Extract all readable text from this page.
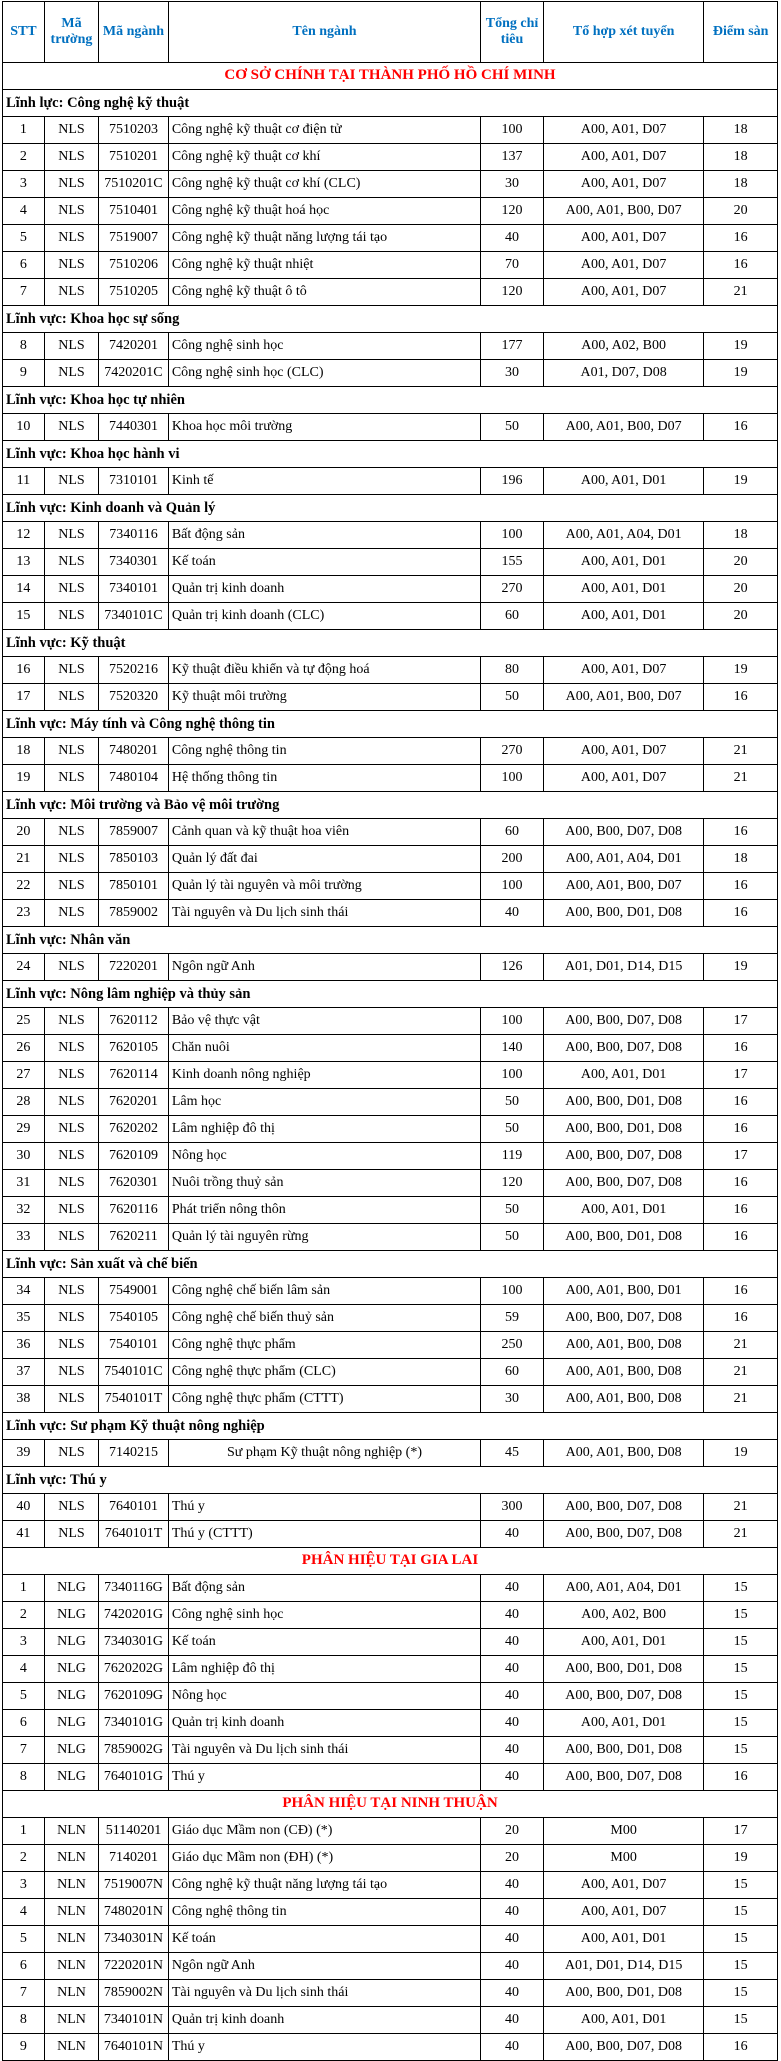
STT	Mã trường	Mã ngành	Tên ngành	Tổng chỉ tiêu	Tổ hợp xét tuyển	Điểm sàn
CƠ SỞ CHÍNH TẠI THÀNH PHỐ HỒ CHÍ MINH						
Lĩnh lực: Công nghệ kỹ thuật						
1	NLS	7510203	Công nghệ kỹ thuật cơ điện tử	100	A00, A01, D07	18
2	NLS	7510201	Công nghệ kỹ thuật cơ khí	137	A00, A01, D07	18
3	NLS	7510201C	Công nghệ kỹ thuật cơ khí (CLC)	30	A00, A01, D07	18
4	NLS	7510401	Công nghệ kỹ thuật hoá học	120	A00, A01, B00, D07	20
5	NLS	7519007	Công nghệ kỹ thuật năng lượng tái tạo	40	A00, A01, D07	16
6	NLS	7510206	Công nghệ kỹ thuật nhiệt	70	A00, A01, D07	16
7	NLS	7510205	Công nghệ kỹ thuật ô tô	120	A00, A01, D07	21
Lĩnh vực: Khoa học sự sống						
8	NLS	7420201	Công nghệ sinh học	177	A00, A02, B00	19
9	NLS	7420201C	Công nghệ sinh học (CLC)	30	A01, D07, D08	19
Lĩnh vực: Khoa học tự nhiên						
10	NLS	7440301	Khoa học môi trường	50	A00, A01, B00, D07	16
Lĩnh vực: Khoa học hành vi						
11	NLS	7310101	Kinh tế	196	A00, A01, D01	19
Lĩnh vực: Kinh doanh và Quản lý						
12	NLS	7340116	Bất động sản	100	A00, A01, A04, D01	18
13	NLS	7340301	Kế toán	155	A00, A01, D01	20
14	NLS	7340101	Quản trị kinh doanh	270	A00, A01, D01	20
15	NLS	7340101C	Quản trị kinh doanh (CLC)	60	A00, A01, D01	20
Lĩnh vực: Kỹ thuật						
16	NLS	7520216	Kỹ thuật điều khiển và tự động hoá	80	A00, A01, D07	19
17	NLS	7520320	Kỹ thuật môi trường	50	A00, A01, B00, D07	16
Lĩnh vực: Máy tính và Công nghệ thông tin						
18	NLS	7480201	Công nghệ thông tin	270	A00, A01, D07	21
19	NLS	7480104	Hệ thống thông tin	100	A00, A01, D07	21
Lĩnh vực: Môi trường và Bảo vệ môi trường						
20	NLS	7859007	Cảnh quan và kỹ thuật hoa viên	60	A00, B00, D07, D08	16
21	NLS	7850103	Quản lý đất đai	200	A00, A01, A04, D01	18
22	NLS	7850101	Quản lý tài nguyên và môi trường	100	A00, A01, B00, D07	16
23	NLS	7859002	Tài nguyên và Du lịch sinh thái	40	A00, B00, D01, D08	16
Lĩnh vực: Nhân văn						
24	NLS	7220201	Ngôn ngữ Anh	126	A01, D01, D14, D15	19
Lĩnh vực: Nông lâm nghiệp và thủy sản						
25	NLS	7620112	Bảo vệ thực vật	100	A00, B00, D07, D08	17
26	NLS	7620105	Chăn nuôi	140	A00, B00, D07, D08	16
27	NLS	7620114	Kinh doanh nông nghiệp	100	A00, A01, D01	17
28	NLS	7620201	Lâm học	50	A00, B00, D01, D08	16
29	NLS	7620202	Lâm nghiệp đô thị	50	A00, B00, D01, D08	16
30	NLS	7620109	Nông học	119	A00, B00, D07, D08	17
31	NLS	7620301	Nuôi trồng thuỷ sản	120	A00, B00, D07, D08	16
32	NLS	7620116	Phát triển nông thôn	50	A00, A01, D01	16
33	NLS	7620211	Quản lý tài nguyên rừng	50	A00, B00, D01, D08	16
Lĩnh vực: Sản xuất và chế biến						
34	NLS	7549001	Công nghệ chế biến lâm sản	100	A00, A01, B00, D01	16
35	NLS	7540105	Công nghệ chế biến thuỷ sản	59	A00, B00, D07, D08	16
36	NLS	7540101	Công nghệ thực phẩm	250	A00, A01, B00, D08	21
37	NLS	7540101C	Công nghệ thực phẩm (CLC)	60	A00, A01, B00, D08	21
38	NLS	7540101T	Công nghệ thực phẩm (CTTT)	30	A00, A01, B00, D08	21
Lĩnh vực: Sư phạm Kỹ thuật nông nghiệp						
39	NLS	7140215	Sư phạm Kỹ thuật nông nghiệp (*)	45	A00, A01, B00, D08	19
Lĩnh vực: Thú y						
40	NLS	7640101	Thú y	300	A00, B00, D07, D08	21
41	NLS	7640101T	Thú y (CTTT)	40	A00, B00, D07, D08	21
PHÂN HIỆU TẠI GIA LAI						
1	NLG	7340116G	Bất động sản	40	A00, A01, A04, D01	15
2	NLG	7420201G	Công nghệ sinh học	40	A00, A02, B00	15
3	NLG	7340301G	Kế toán	40	A00, A01, D01	15
4	NLG	7620202G	Lâm nghiệp đô thị	40	A00, B00, D01, D08	15
5	NLG	7620109G	Nông học	40	A00, B00, D07, D08	15
6	NLG	7340101G	Quản trị kinh doanh	40	A00, A01, D01	15
7	NLG	7859002G	Tài nguyên và Du lịch sinh thái	40	A00, B00, D01, D08	15
8	NLG	7640101G	Thú y	40	A00, B00, D07, D08	16
PHÂN HIỆU TẠI NINH THUẬN						
1	NLN	51140201	Giáo dục Mầm non (CĐ) (*)	20	M00	17
2	NLN	7140201	Giáo dục Mầm non (ĐH) (*)	20	M00	19
3	NLN	7519007N	Công nghệ kỹ thuật năng lượng tái tạo	40	A00, A01, D07	15
4	NLN	7480201N	Công nghệ thông tin	40	A00, A01, D07	15
5	NLN	7340301N	Kế toán	40	A00, A01, D01	15
6	NLN	7220201N	Ngôn ngữ Anh	40	A01, D01, D14, D15	15
7	NLN	7859002N	Tài nguyên và Du lịch sinh thái	40	A00, B00, D01, D08	15
8	NLN	7340101N	Quản trị kinh doanh	40	A00, A01, D01	15
9	NLN	7640101N	Thú y	40	A00, B00, D07, D08	16
